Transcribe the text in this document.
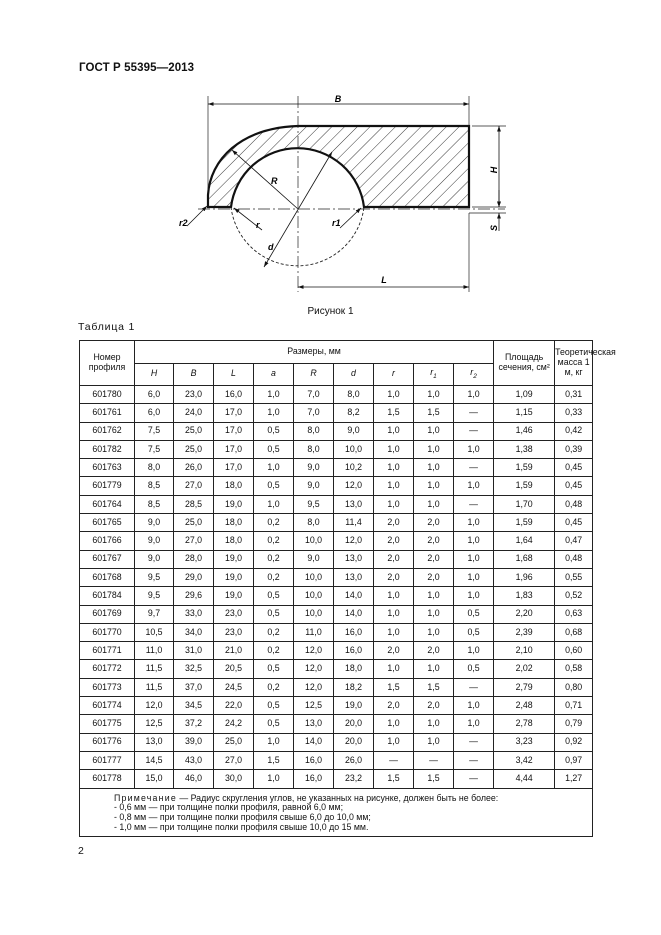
ГОСТ Р 55395—2013
B
H
S
R
d
r	r1
r2
L
Рисунок 1
Таблица 1
Номер профиля	Размеры, мм									Площадь сечения, см²	Теоретическая масса 1 м, кг
	H	B	L	a	R	d	r	$r_1$	$r_2$
601780	6,0	23,0	16,0	1,0	7,0	8,0	1,0	1,0	1,0	1,09	0,31
601761	6,0	24,0	17,0	1,0	7,0	8,2	1,5	1,5	—	1,15	0,33
601762	7,5	25,0	17,0	0,5	8,0	9,0	1,0	1,0	—	1,46	0,42
601782	7,5	25,0	17,0	0,5	8,0	10,0	1,0	1,0	1,0	1,38	0,39
601763	8,0	26,0	17,0	1,0	9,0	10,2	1,0	1,0	—	1,59	0,45
601779	8,5	27,0	18,0	0,5	9,0	12,0	1,0	1,0	1,0	1,59	0,45
601764	8,5	28,5	19,0	1,0	9,5	13,0	1,0	1,0	—	1,70	0,48
601765	9,0	25,0	18,0	0,2	8,0	11,4	2,0	2,0	1,0	1,59	0,45
601766	9,0	27,0	18,0	0,2	10,0	12,0	2,0	2,0	1,0	1,64	0,47
601767	9,0	28,0	19,0	0,2	9,0	13,0	2,0	2,0	1,0	1,68	0,48
601768	9,5	29,0	19,0	0,2	10,0	13,0	2,0	2,0	1,0	1,96	0,55
601784	9,5	29,6	19,0	0,5	10,0	14,0	1,0	1,0	1,0	1,83	0,52
601769	9,7	33,0	23,0	0,5	10,0	14,0	1,0	1,0	0,5	2,20	0,63
601770	10,5	34,0	23,0	0,2	11,0	16,0	1,0	1,0	0,5	2,39	0,68
601771	11,0	31,0	21,0	0,2	12,0	16,0	2,0	2,0	1,0	2,10	0,60
601772	11,5	32,5	20,5	0,5	12,0	18,0	1,0	1,0	0,5	2,02	0,58
601773	11,5	37,0	24,5	0,2	12,0	18,2	1,5	1,5	—	2,79	0,80
601774	12,0	34,5	22,0	0,5	12,5	19,0	2,0	2,0	1,0	2,48	0,71
601775	12,5	37,2	24,2	0,5	13,0	20,0	1,0	1,0	1,0	2,78	0,79
601776	13,0	39,0	25,0	1,0	14,0	20,0	1,0	1,0	—	3,23	0,92
601777	14,5	43,0	27,0	1,5	16,0	26,0	—	—	—	3,42	0,97
601778	15,0	46,0	30,0	1,0	16,0	23,2	1,5	1,5	—	4,44	1,27

Примечание — Радиус скругления углов, не указанных на рисунке, должен быть не более:
- 0,6 мм — при толщине полки профиля, равной 6,0 мм;
- 0,8 мм — при толщине полки профиля свыше 6,0 до 10,0 мм;
- 1,0 мм — при толщине полки профиля свыше 10,0 до 15 мм.											
2
